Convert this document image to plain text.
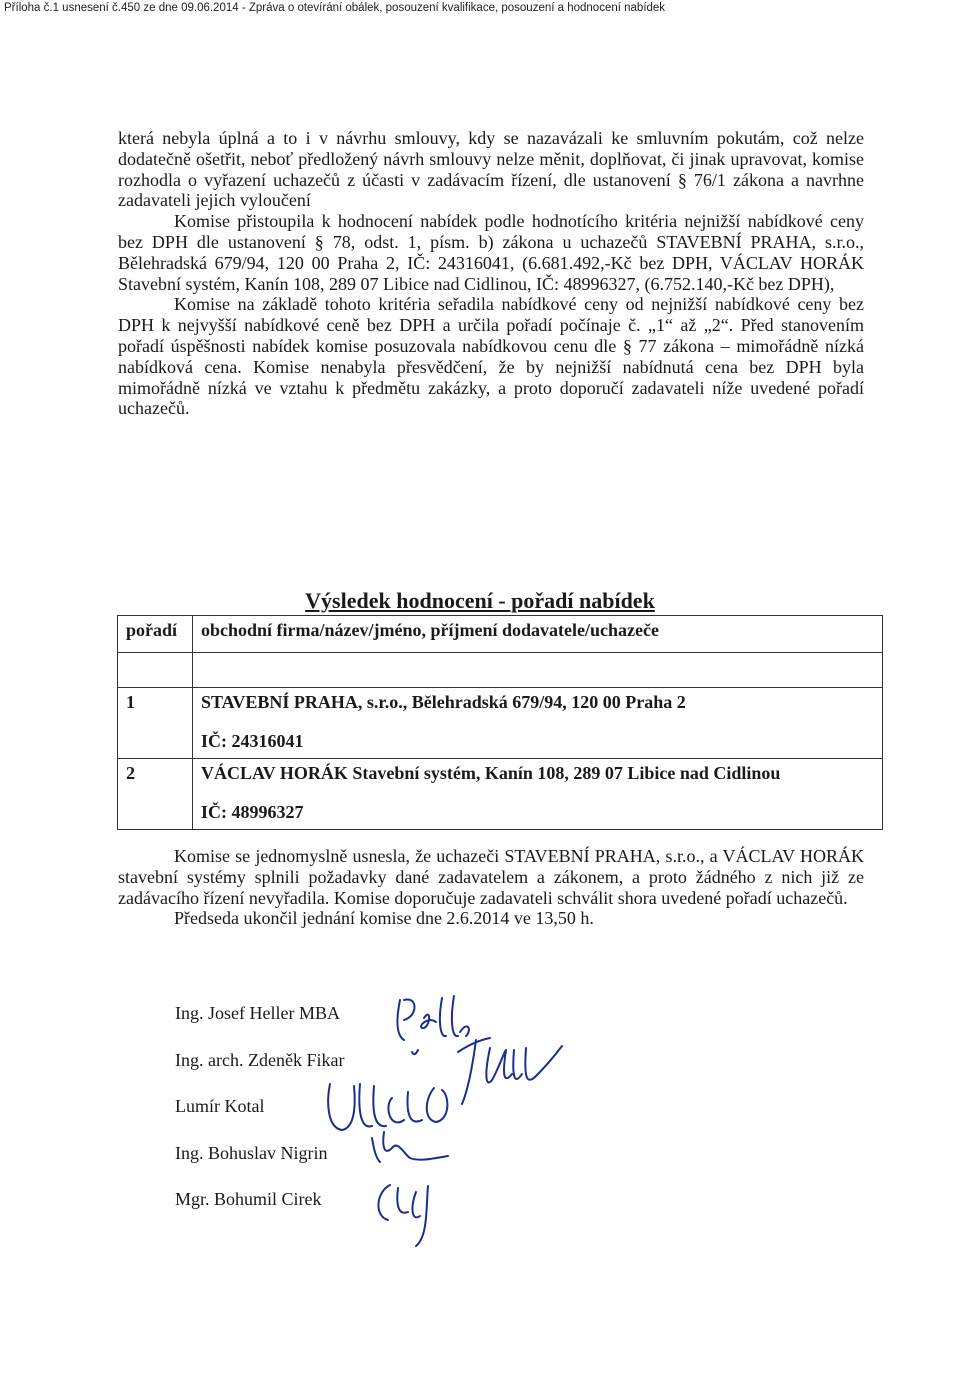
Příloha č.1 usnesení č.450 ze dne 09.06.2014 - Zpráva o otevírání obálek, posouzení kvalifikace, posouzení a hodnocení nabídek

která nebyla úplná a to i v návrhu smlouvy, kdy se nazavázali ke smluvním pokutám, což nelze dodatečně ošetřit, neboť předložený návrh smlouvy nelze měnit, doplňovat, či jinak upravovat, komise rozhodla o vyřazení uchazečů z účasti v zadávacím řízení, dle ustanovení § 76/1 zákona a navrhne zadavateli jejich vyloučení

Komise přistoupila k hodnocení nabídek podle hodnotícího kritéria nejnižší nabídkové ceny bez DPH dle ustanovení § 78, odst. 1, písm. b) zákona u uchazečů STAVEBNÍ PRAHA, s.r.o., Bělehradská 679/94, 120 00 Praha 2, IČ: 24316041, (6.681.492,-Kč bez DPH, VÁCLAV HORÁK Stavební systém, Kanín 108, 289 07 Libice nad Cidlinou, IČ: 48996327, (6.752.140,-Kč bez DPH),

Komise na základě tohoto kritéria seřadila nabídkové ceny od nejnižší nabídkové ceny bez DPH k nejvyšší nabídkové ceně bez DPH a určila pořadí počínaje č. „1“ až „2“. Před stanovením pořadí úspěšnosti nabídek komise posuzovala nabídkovou cenu dle § 77 zákona – mimořádně nízká nabídková cena. Komise nenabyla přesvědčení, že by nejnižší nabídnutá cena bez DPH byla mimořádně nízká ve vztahu k předmětu zakázky, a proto doporučí zadavateli níže uvedené pořadí uchazečů.

Výsledek hodnocení - pořadí nabídek
pořadí	obchodní firma/název/jméno, příjmení dodavatele/uchazeče

1	STAVEBNÍ PRAHA, s.r.o., Bělehradská 679/94, 120 00 Praha 2
IČ: 24316041

2	VÁCLAV HORÁK Stavební systém, Kanín 108, 289 07 Libice nad Cidlinou
IČ: 48996327

Komise se jednomyslně usnesla, že uchazeči STAVEBNÍ PRAHA, s.r.o., a VÁCLAV HORÁK stavební systémy splnili požadavky dané zadavatelem a zákonem, a proto žádného z nich již ze zadávacího řízení nevyřadila. Komise doporučuje zadavateli schválit shora uvedené pořadí uchazečů.

Předseda ukončil jednání komise dne 2.6.2014 ve 13,50 h.

Ing. Josef Heller MBA
Ing. arch. Zdeněk Fikar
Lumír Kotal
Ing. Bohuslav Nigrin
Mgr. Bohumil Cirek
